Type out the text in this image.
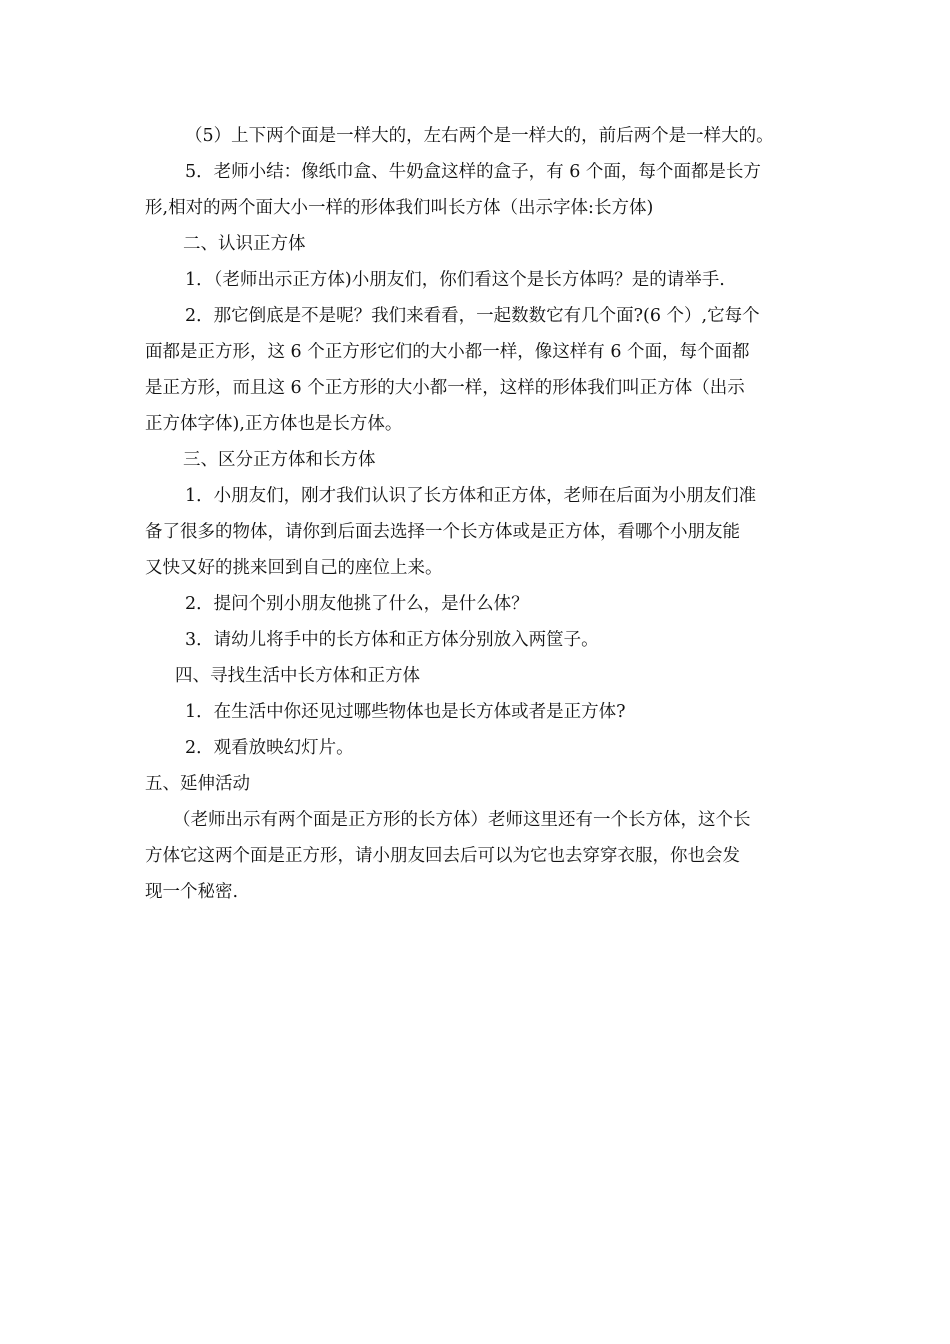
（5）上下两个面是一样大的，左右两个是一样大的，前后两个是一样大的。

5．老师小结：像纸巾盒、牛奶盒这样的盒子，有 6 个面，每个面都是长方

形,相对的两个面大小一样的形体我们叫长方体（出示字体:长方体)

二、认识正方体

1．（老师出示正方体)小朋友们，你们看这个是长方体吗？是的请举手.

2．那它倒底是不是呢？我们来看看，一起数数它有几个面?(6 个）,它每个

面都是正方形，这 6 个正方形它们的大小都一样，像这样有 6 个面，每个面都

是正方形，而且这 6 个正方形的大小都一样，这样的形体我们叫正方体（出示

正方体字体),正方体也是长方体。

三、区分正方体和长方体

1．小朋友们，刚才我们认识了长方体和正方体，老师在后面为小朋友们准

备了很多的物体，请你到后面去选择一个长方体或是正方体，看哪个小朋友能

又快又好的挑来回到自己的座位上来。

2．提问个别小朋友他挑了什么，是什么体？

3．请幼儿将手中的长方体和正方体分别放入两筐子。

四、寻找生活中长方体和正方体

1．在生活中你还见过哪些物体也是长方体或者是正方体?

2．观看放映幻灯片。

五、延伸活动

（老师出示有两个面是正方形的长方体）老师这里还有一个长方体，这个长

方体它这两个面是正方形，请小朋友回去后可以为它也去穿穿衣服，你也会发

现一个秘密.
